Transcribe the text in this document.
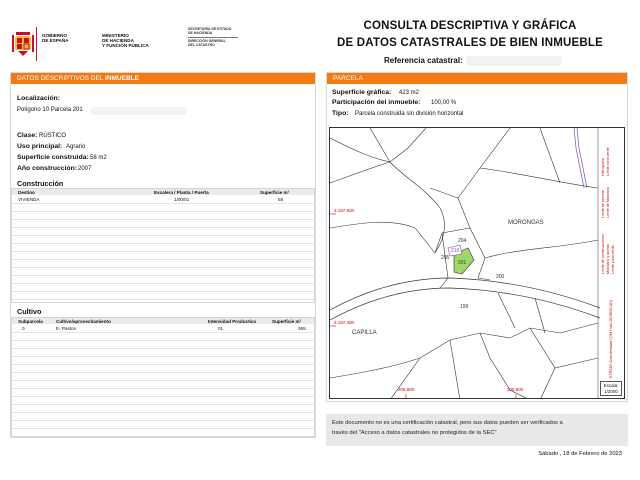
GOBIERNO
DE ESPAÑA
MINISTERIO
DE HACIENDA
Y FUNCIÓN PÚBLICA
SECRETARÍA DE ESTADO
DE HACIENDA
DIRECCIÓN GENERAL
DEL CATASTRO
CONSULTA DESCRIPTIVA Y GRÁFICA
DE DATOS CATASTRALES DE BIEN INMUEBLE
Referencia catastral:
DATOS DESCRIPTIVOS DEL INMUEBLE
Localización:
Polígono 10 Parcela 201
Clase: RÚSTICO
Uso principal: Agrario
Superficie construida: 58 m2
Año construcción: 2007
Construcción
Destino	Escalera / Planta / Puerta	Superficie m²
VIVIENDA	1/00/01	58
Cultivo
Subparcela	Cultivo/aprovechamiento	Intensidad Productiva	Superficie m²
0	E- Pastos	01	365
PARCELA
Superficie gráfica: 423 m2
Participación del inmueble: 100,00 %
Tipo: Parcela construida sin división horizontal
Hidrografía Límite zona verde
Límite de parcela Límite de Manzana
Límite de construcciones Mobiliario y aceras Límite zona verde
ETRS89 (Coordenadas UTM Huso 28 REGCAN)
3.187.600
3.187.400
208.600	208.800
MORONGAS
CAPILLA
204
205
210
201
200
199
Escala:
1/2000
Este documento no es una certificación catastral, pero sus datos pueden ser verificados a
través del "Acceso a datos catastrales no protegidos de la SEC"
Sábado , 18 de Febrero de 2023
